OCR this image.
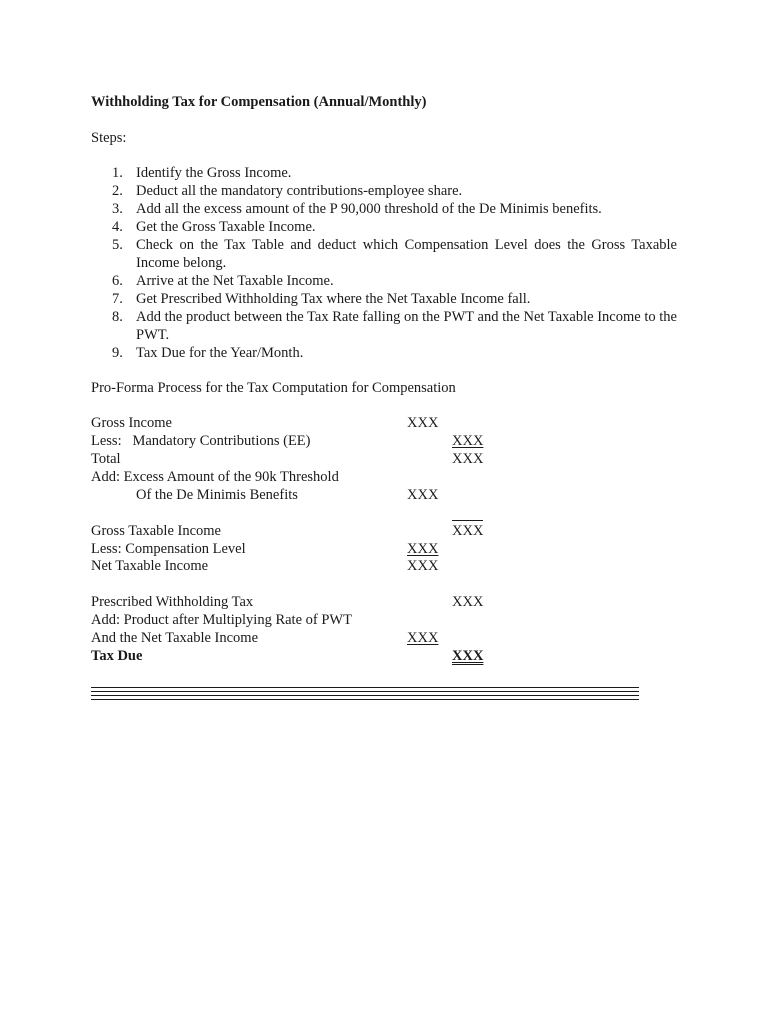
Withholding Tax for Compensation (Annual/Monthly)
Steps:
1. Identify the Gross Income.
2. Deduct all the mandatory contributions-employee share.
3. Add all the excess amount of the P 90,000 threshold of the De Minimis benefits.
4. Get the Gross Taxable Income.
5. Check on the Tax Table and deduct which Compensation Level does the Gross Taxable Income belong.
6. Arrive at the Net Taxable Income.
7. Get Prescribed Withholding Tax where the Net Taxable Income fall.
8. Add the product between the Tax Rate falling on the PWT and the Net Taxable Income to the PWT.
9. Tax Due for the Year/Month.
Pro-Forma Process for the Tax Computation for Compensation
Gross Income	XXX
Less:   Mandatory Contributions (EE)	XXX
Total	XXX
Add: Excess Amount of the 90k Threshold
Of the De Minimis Benefits	XXX
Gross Taxable Income	XXX
Less: Compensation Level	XXX
Net Taxable Income	XXX
Prescribed Withholding Tax	XXX
Add: Product after Multiplying Rate of PWT
And the Net Taxable Income	XXX
Tax Due	XXX
